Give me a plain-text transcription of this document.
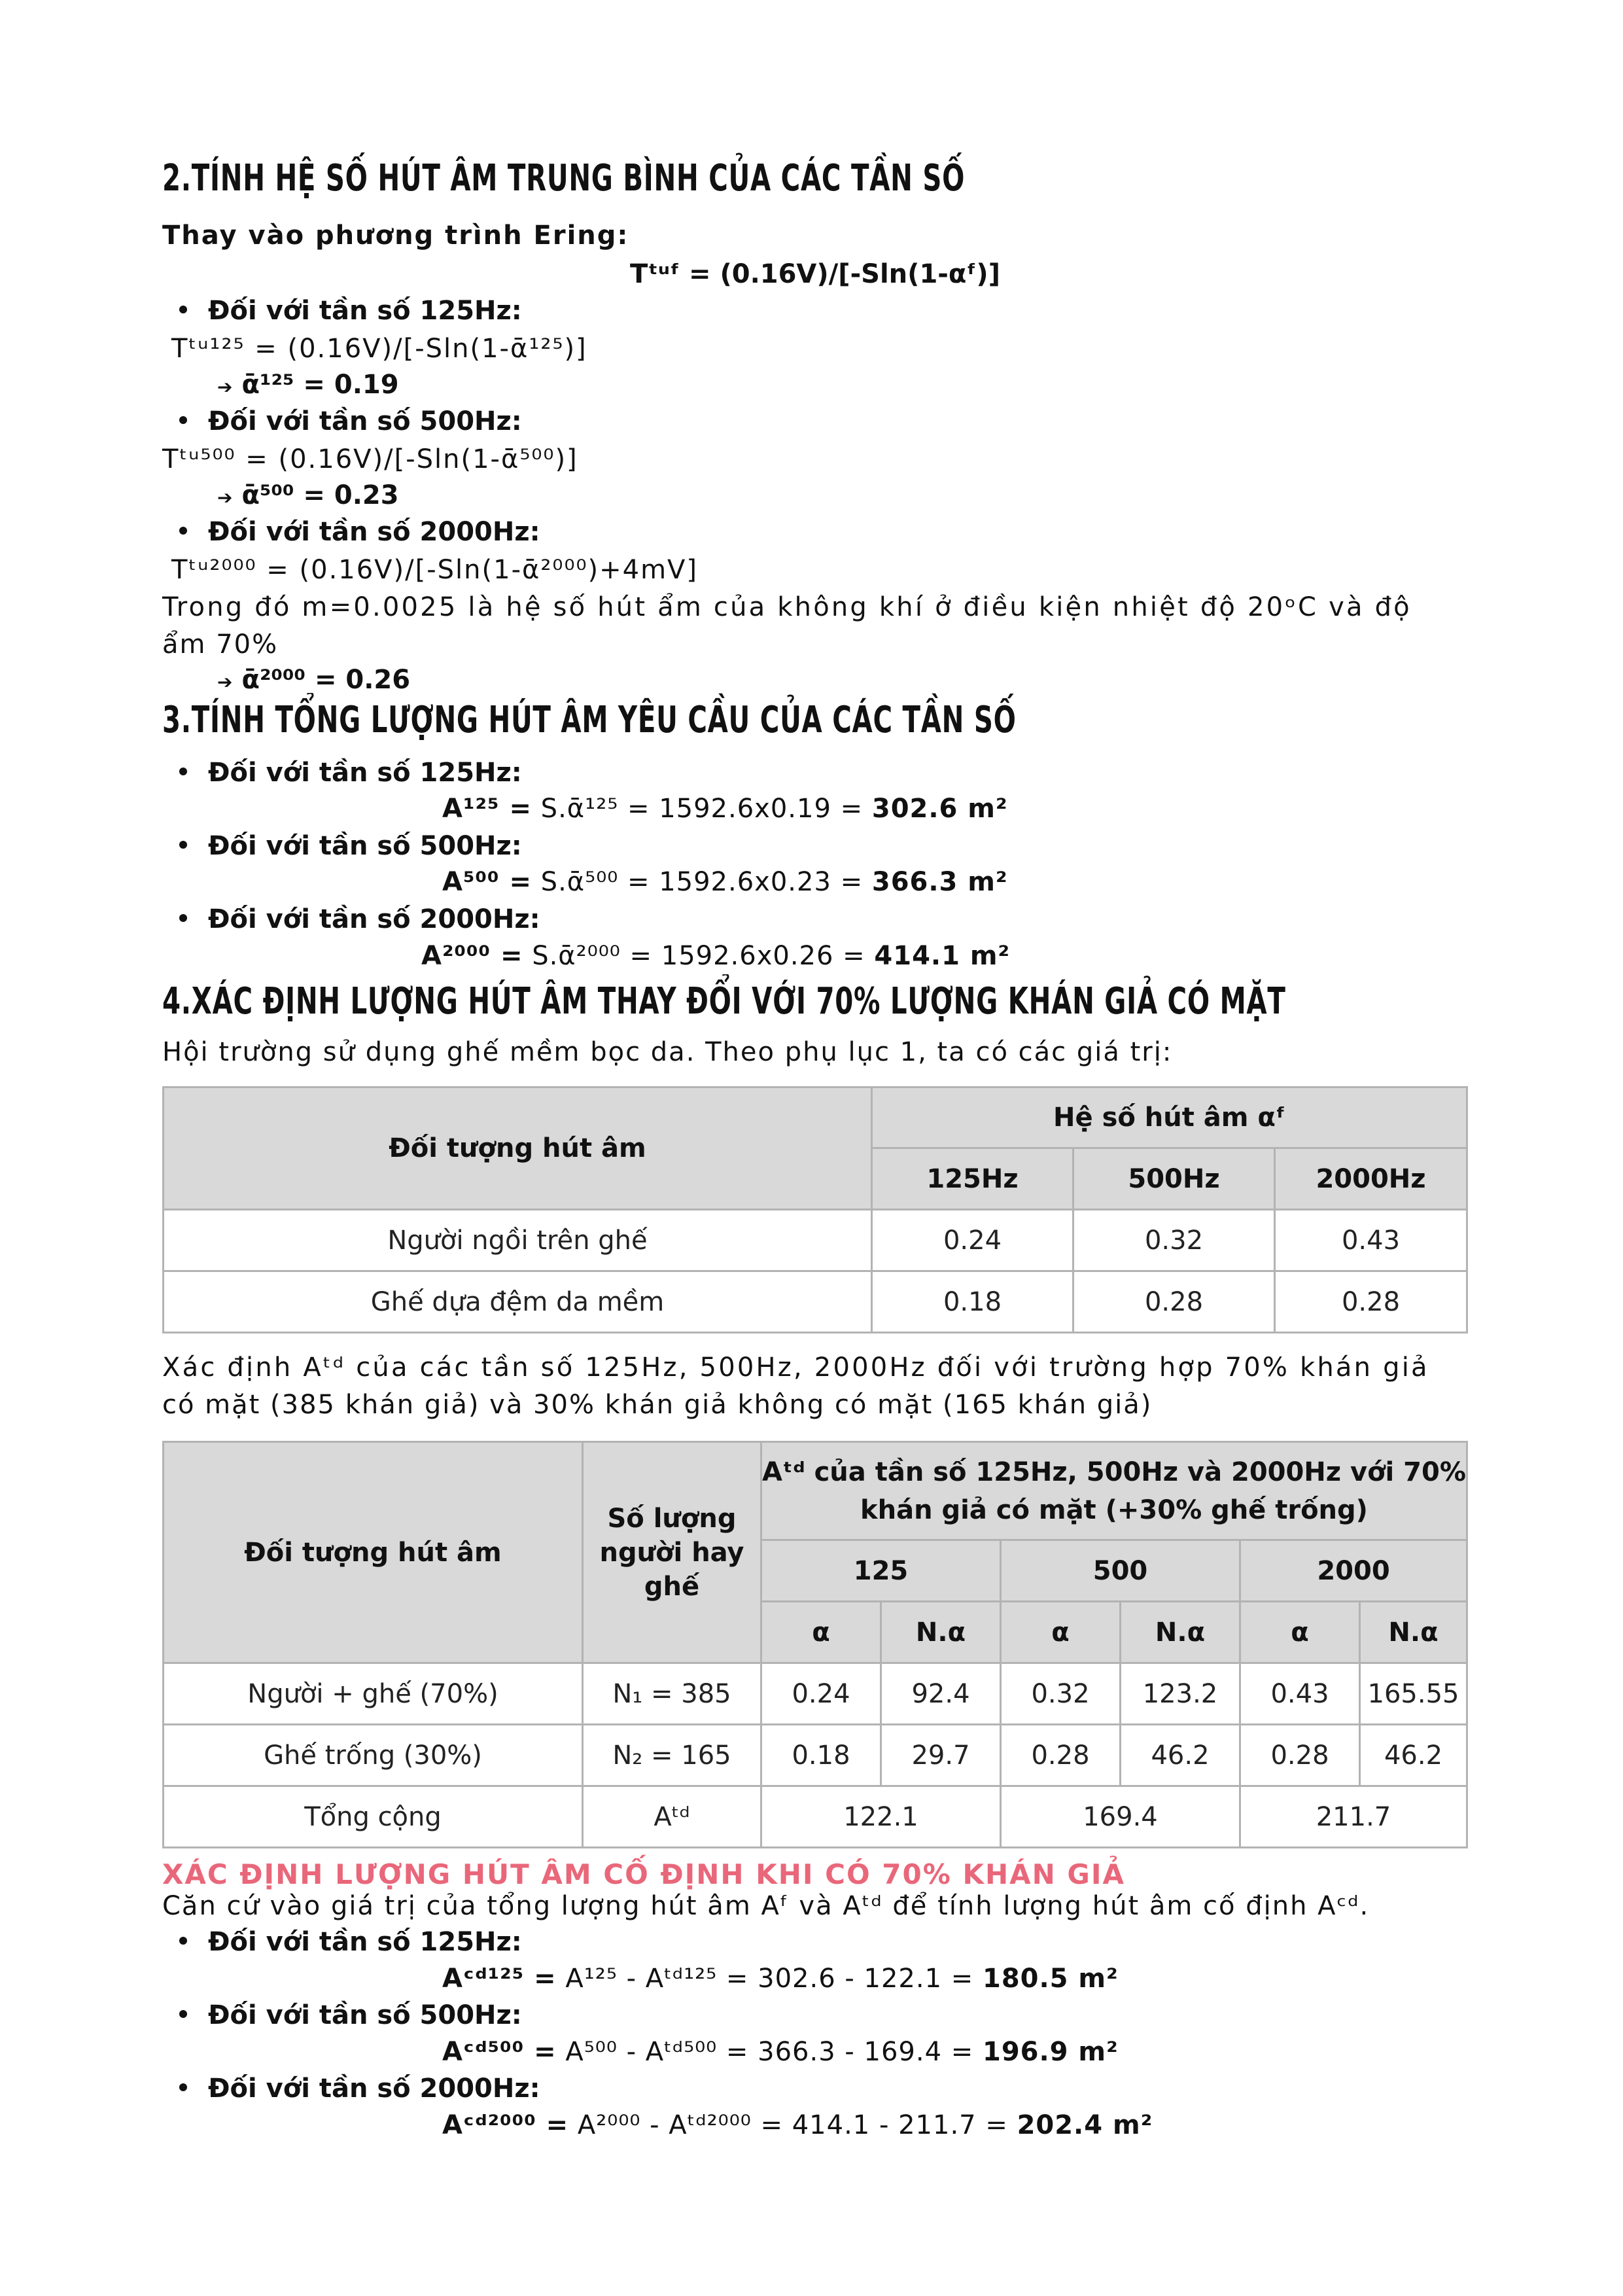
2.TÍNH HỆ SỐ HÚT ÂM TRUNG BÌNH CỦA CÁC TẦN SỐ
Thay vào phương trình Ering:
Tᵗᵘᶠ = (0.16V)/[-Sln(1-αᶠ)]
Đối với tần số 125Hz:
Tᵗᵘ¹²⁵ = (0.16V)/[-Sln(1-ᾱ¹²⁵)]
➔ ᾱ¹²⁵ = 0.19
Đối với tần số 500Hz:
Tᵗᵘ⁵⁰⁰ = (0.16V)/[-Sln(1-ᾱ⁵⁰⁰)]
➔ ᾱ⁵⁰⁰ = 0.23
Đối với tần số 2000Hz:
Tᵗᵘ²⁰⁰⁰ = (0.16V)/[-Sln(1-ᾱ²⁰⁰⁰)+4mV]
Trong đó m=0.0025 là hệ số hút ẩm của không khí ở điều kiện nhiệt độ 20ᵒC và độ
ẩm 70%
➔ ᾱ²⁰⁰⁰ = 0.26
3.TÍNH TỔNG LƯỢNG HÚT ÂM YÊU CẦU CỦA CÁC TẦN SỐ
Đối với tần số 125Hz:
A¹²⁵ = S.ᾱ¹²⁵ = 1592.6x0.19 = 302.6 m²
Đối với tần số 500Hz:
A⁵⁰⁰ = S.ᾱ⁵⁰⁰ = 1592.6x0.23 = 366.3 m²
Đối với tần số 2000Hz:
A²⁰⁰⁰ = S.ᾱ²⁰⁰⁰ = 1592.6x0.26 = 414.1 m²
4.XÁC ĐỊNH LƯỢNG HÚT ÂM THAY ĐỔI VỚI 70% LƯỢNG KHÁN GIẢ CÓ MẶT
Hội trường sử dụng ghế mềm bọc da. Theo phụ lục 1, ta có các giá trị:
Đối tượng hút âm	Hệ số hút âm αᶠ		
	125Hz	500Hz	2000Hz
Người ngồi trên ghế	0.24	0.32	0.43
Ghế dựa đệm da mềm	0.18	0.28	0.28
Xác định Aᵗᵈ của các tần số 125Hz, 500Hz, 2000Hz đối với trường hợp 70% khán giả
có mặt (385 khán giả) và 30% khán giả không có mặt (165 khán giả)
Đối tượng hút âm	Số lượng người hay ghế	Aᵗᵈ của tần số 125Hz, 500Hz và 2000Hz với 70%
khán giả có mặt (+30% ghế trống)					
		125		500		2000	
		α	N.α	α	N.α	α	N.α
Người + ghế (70%)	N₁ = 385	0.24	92.4	0.32	123.2	0.43	165.55
Ghế trống (30%)	N₂ = 165	0.18	29.7	0.28	46.2	0.28	46.2
Tổng cộng	Aᵗᵈ	122.1		169.4		211.7	
XÁC ĐỊNH LƯỢNG HÚT ÂM CỐ ĐỊNH KHI CÓ 70% KHÁN GIẢ
Căn cứ vào giá trị của tổng lượng hút âm Aᶠ và Aᵗᵈ để tính lượng hút âm cố định Aᶜᵈ.
Đối với tần số 125Hz:
Aᶜᵈ¹²⁵ = A¹²⁵ - Aᵗᵈ¹²⁵ = 302.6 - 122.1 = 180.5 m²
Đối với tần số 500Hz:
Aᶜᵈ⁵⁰⁰ = A⁵⁰⁰ - Aᵗᵈ⁵⁰⁰ = 366.3 - 169.4 = 196.9 m²
Đối với tần số 2000Hz:
Aᶜᵈ²⁰⁰⁰ = A²⁰⁰⁰ - Aᵗᵈ²⁰⁰⁰ = 414.1 - 211.7 = 202.4 m²
